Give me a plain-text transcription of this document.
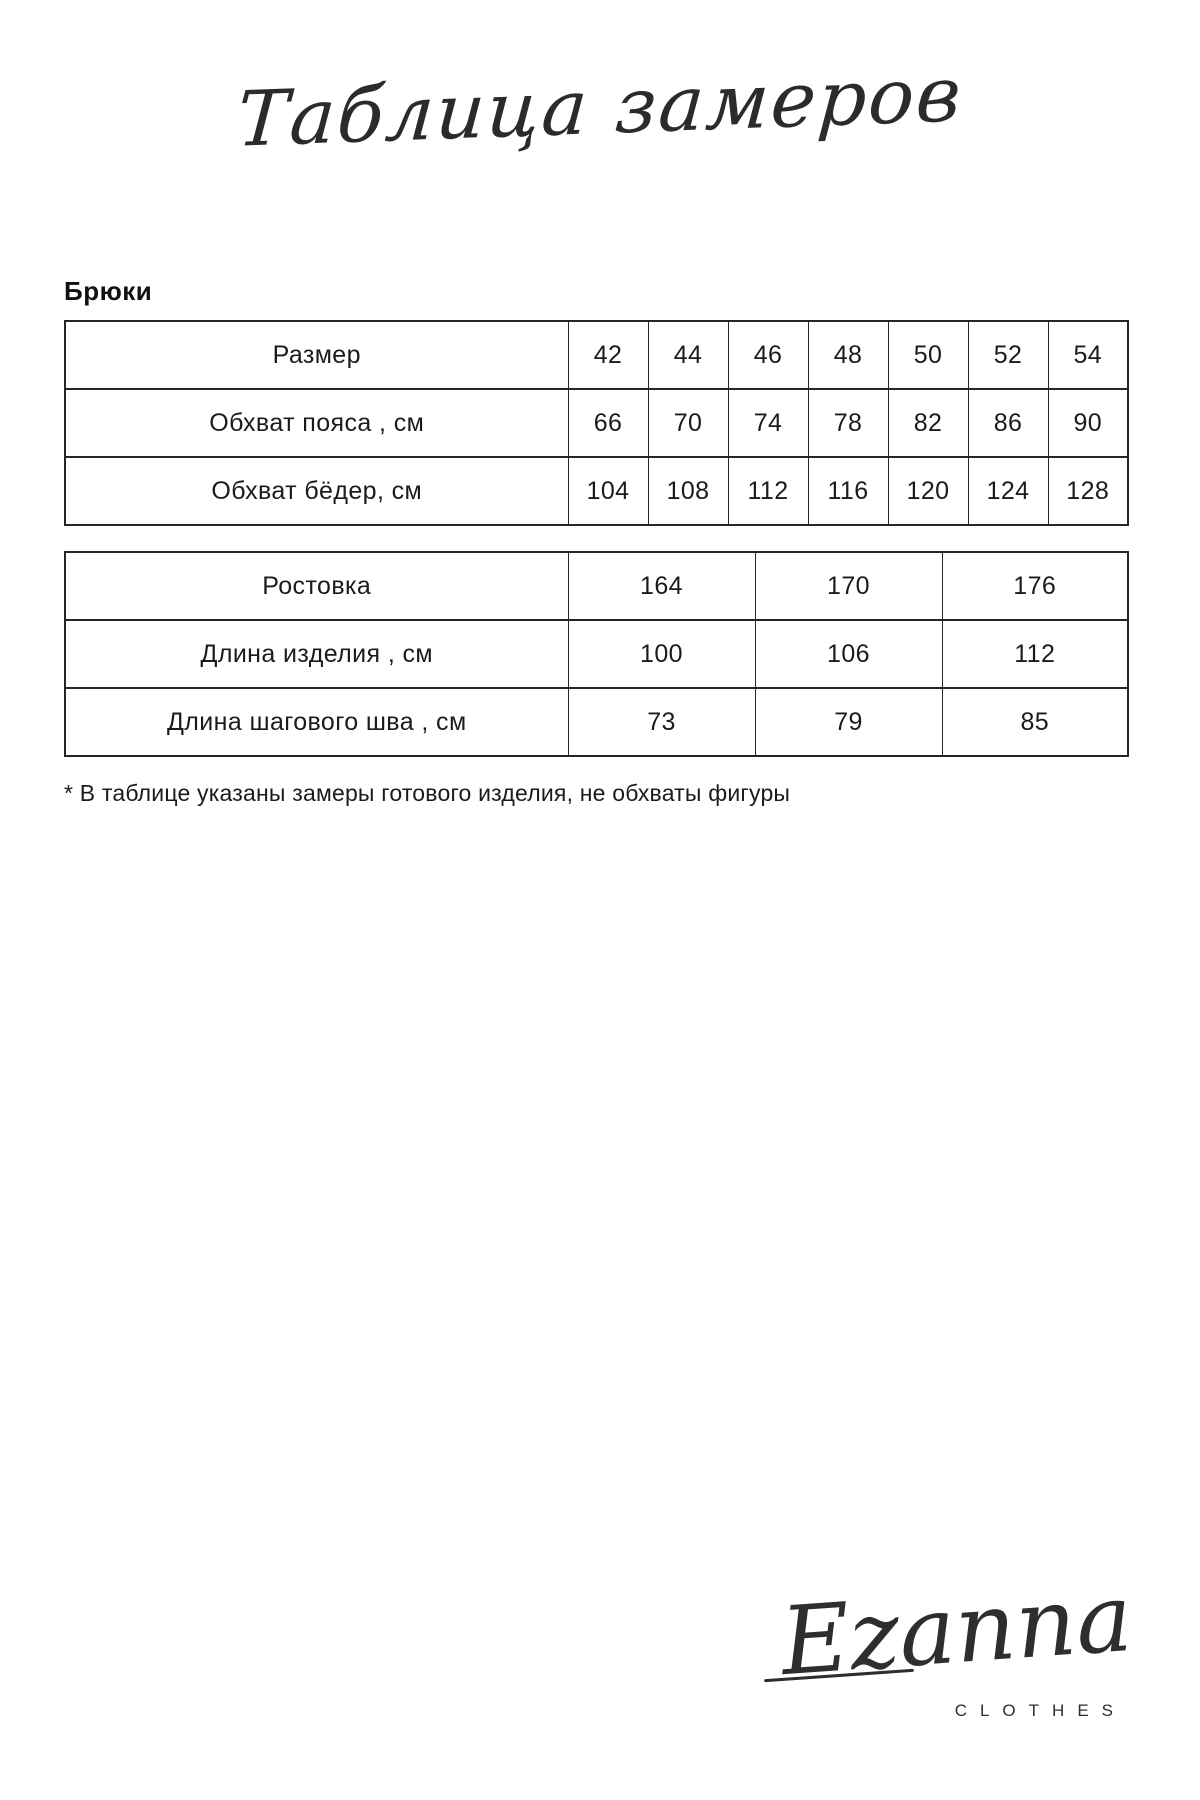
Таблица замеров
Брюки
Размер	42	44	46	48	50	52	54
Обхват пояса , см	66	70	74	78	82	86	90
Обхват бёдер, см	104	108	112	116	120	124	128
Ростовка	164	170	176
Длина изделия , см	100	106	112
Длина шагового шва , см	73	79	85

* В таблице указаны замеры готового изделия, не обхваты фигуры

Ezanna
CLOTHES
